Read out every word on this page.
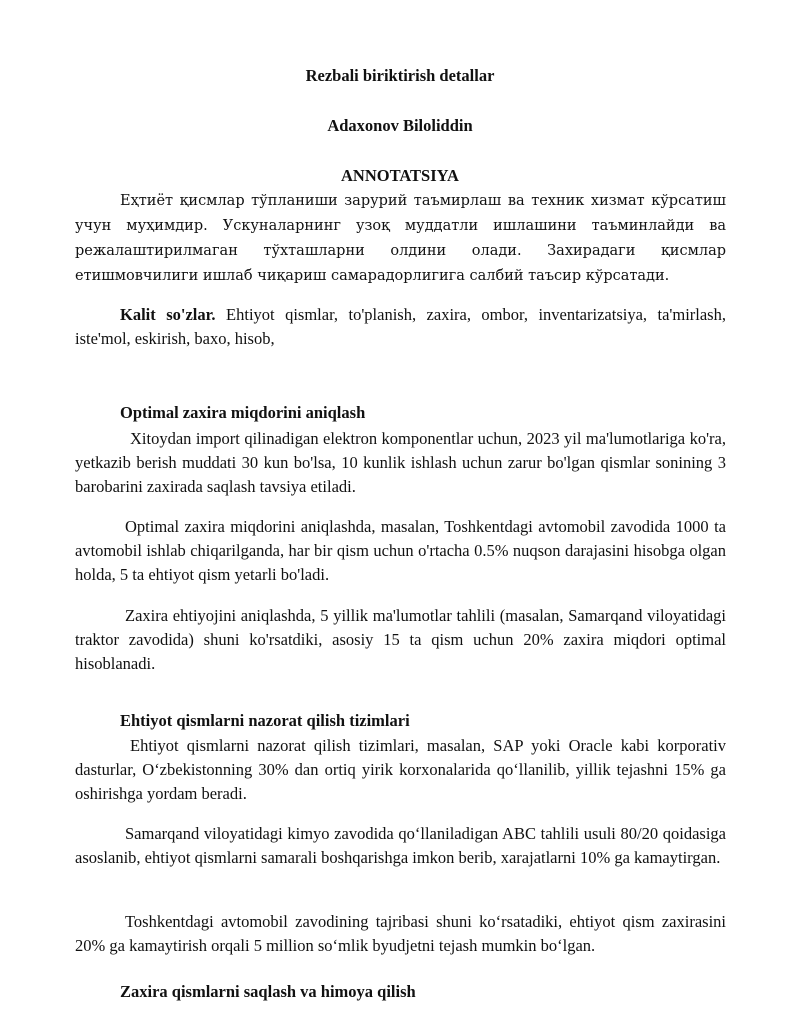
Rezbali biriktirish detallar
Adaxonov Biloliddin
ANNOTATSIYA
Eҳтиёт қисмлар тўпланиши зарурий таъмирлаш ва техник хизмат кўрсатиш учун муҳимдир. Ускуналарнинг узоқ муддатли ишлашини таъминлайди ва режалаштирилмаган тўхташларни олдини олади. Захирадаги қисмлар етишмовчилиги ишлаб чиқариш самарадорлигига салбий таъсир кўрсатади.
Kalit so'zlar. Ehtiyot qismlar, to'planish, zaxira, ombor, inventarizatsiya, ta'mirlash, iste'mol, eskirish, baxo, hisob,
Optimal zaxira miqdorini aniqlash
Xitoydan import qilinadigan elektron komponentlar uchun, 2023 yil ma'lumotlariga ko'ra, yetkazib berish muddati 30 kun bo'lsa, 10 kunlik ishlash uchun zarur bo'lgan qismlar sonining 3 barobarini zaxirada saqlash tavsiya etiladi.
Optimal zaxira miqdorini aniqlashda, masalan, Toshkentdagi avtomobil zavodida 1000 ta avtomobil ishlab chiqarilganda, har bir qism uchun o'rtacha 0.5% nuqson darajasini hisobga olgan holda, 5 ta ehtiyot qism yetarli bo'ladi.
Zaxira ehtiyojini aniqlashda, 5 yillik ma'lumotlar tahlili (masalan, Samarqand viloyatidagi traktor zavodida) shuni ko'rsatdiki, asosiy 15 ta qism uchun 20% zaxira miqdori optimal hisoblanadi.
Ehtiyot qismlarni nazorat qilish tizimlari
Ehtiyot qismlarni nazorat qilish tizimlari, masalan, SAP yoki Oracle kabi korporativ dasturlar, O‘zbekistonning 30% dan ortiq yirik korxonalarida qo‘llanilib, yillik tejashni 15% ga oshirishga yordam beradi.
Samarqand viloyatidagi kimyo zavodida qo‘llaniladigan ABC tahlili usuli 80/20 qoidasiga asoslanib, ehtiyot qismlarni samarali boshqarishga imkon berib, xarajatlarni 10% ga kamaytirgan.
Toshkentdagi avtomobil zavodining tajribasi shuni ko‘rsatadiki, ehtiyot qism zaxirasini 20% ga kamaytirish orqali 5 million so‘mlik byudjetni tejash mumkin bo‘lgan.
Zaxira qismlarni saqlash va himoya qilish
